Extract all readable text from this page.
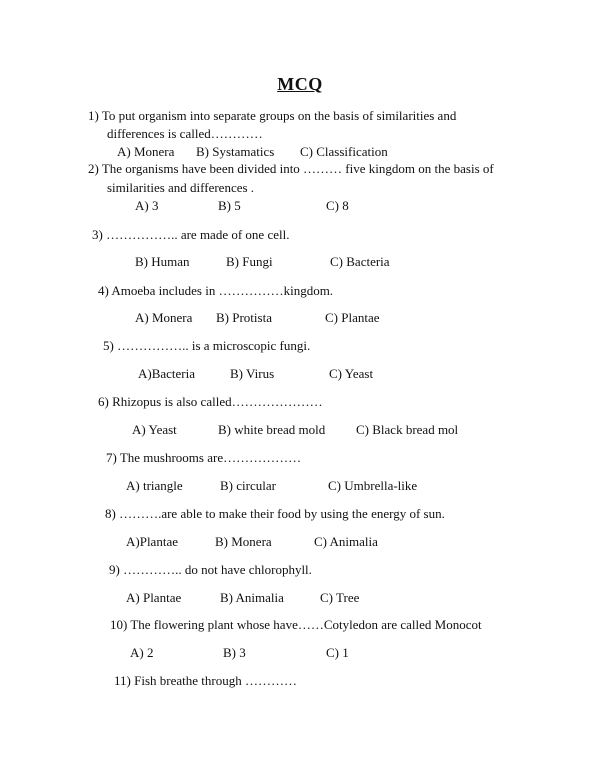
MCQ
1) To put organism into separate groups on the basis of similarities and
differences is called…………
A) Monera B) Systamatics C) Classification
2) The organisms have been divided into ……… five kingdom on the basis of
similarities and differences .
A) 3	B) 5	C) 8
3) …………….. are made of one cell.
B) Human	B) Fungi	C) Bacteria
4) Amoeba includes in ……………kingdom.
A) Monera B) Protista	C) Plantae
5) …………….. is a microscopic fungi.
A)Bacteria	B) Virus	C) Yeast
6) Rhizopus is also called…………………
A) Yeast	B) white bread mold C) Black bread mol
7) The mushrooms are………………
A) triangle	B) circular	C) Umbrella-like
8) ……….are able to make their food by using the energy of sun.
A)Plantae	B) Monera	C) Animalia
9) ………….. do not have chlorophyll.
A) Plantae	B) Animalia	C) Tree
10) The flowering plant whose have……Cotyledon are called Monocot
A) 2	B) 3	C) 1
11) Fish breathe through …………
